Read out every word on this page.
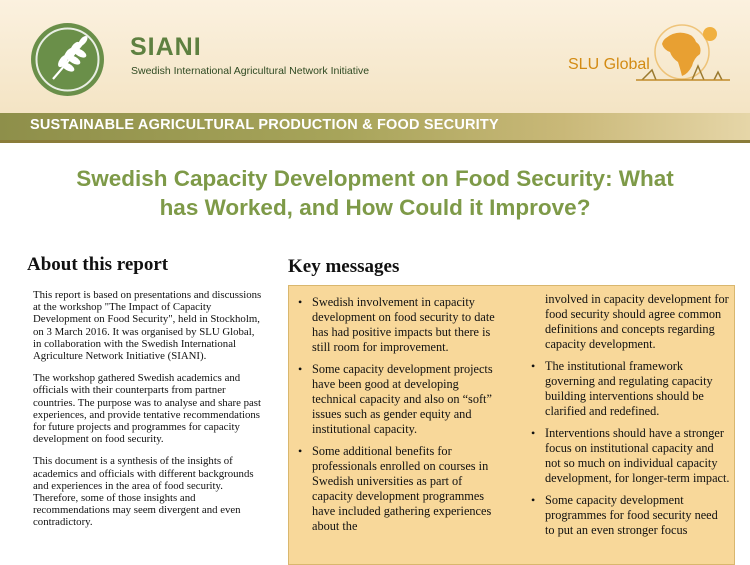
SIANI
Swedish International Agricultural Network Initiative	SLU Global
SUSTAINABLE AGRICULTURAL PRODUCTION & FOOD SECURITY
Swedish Capacity Development on Food Security: What
has Worked, and How Could it Improve?
About this report

This report is based on presentations and discussions at the workshop "The Impact of Capacity Development on Food Security", held in Stockholm, on 3 March 2016. It was organised by SLU Global, in collaboration with the Swedish International Agriculture Network Initiative (SIANI).

The workshop gathered Swedish academics and officials with their counterparts from partner countries. The purpose was to analyse and share past experiences, and provide tentative recommendations for future projects and programmes for capacity development on food security.

This document is a synthesis of the insights of academics and officials with different backgrounds and experiences in the area of food security. Therefore, some of those insights and recommendations may seem divergent and even contradictory.

Key messages
• Swedish involvement in capacity development on food security to date has had positive impacts but there is still room for improvement.
• Some capacity development projects have been good at developing technical capacity and also on “soft” issues such as gender equity and institutional capacity.
• Some additional benefits for professionals enrolled on courses in Swedish universities as part of capacity development programmes have included gathering experiences about the
involved in capacity development for food security should agree common definitions and concepts regarding capacity development.
• The institutional framework governing and regulating capacity building interventions should be clarified and redefined.
• Interventions should have a stronger focus on institutional capacity and not so much on individual capacity development, for longer-term impact.
• Some capacity development programmes for food security need to put an even stronger focus
